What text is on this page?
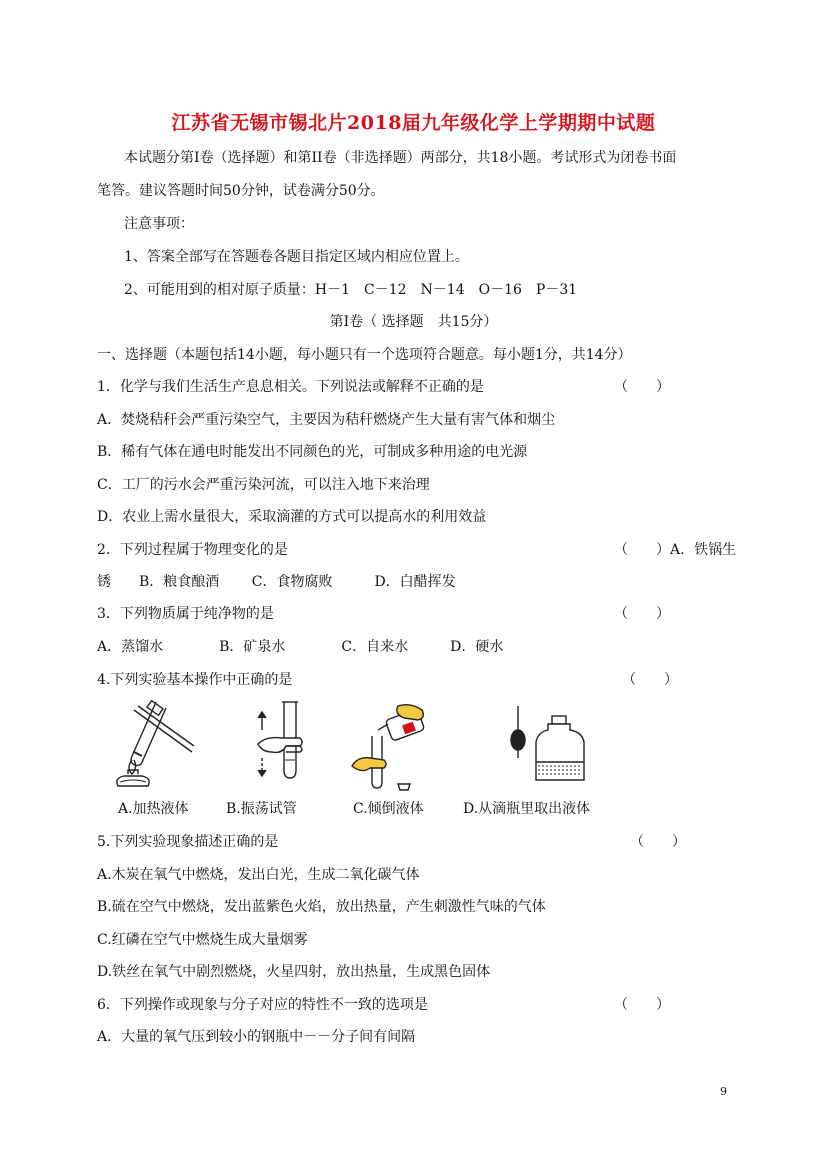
江苏省无锡市锡北片2018届九年级化学上学期期中试题
本试题分第Ⅰ卷（选择题）和第II卷（非选择题）两部分，共18小题。考试形式为闭卷书面
笔答。建议答题时间50分钟，试卷满分50分。
注意事项：
1、答案全部写在答题卷各题目指定区域内相应位置上。
2、可能用到的相对原子质量：H－1　C－12　N－14　O－16　P－31
第Ⅰ卷（ 选择题　共15分）
一、选择题（本题包括14小题，每小题只有一个选项符合题意。每小题1分，共14分）
1．化学与我们生活生产息息相关。下列说法或解释不正确的是	（　　）
A．焚烧秸秆会严重污染空气，主要因为秸秆燃烧产生大量有害气体和烟尘
B．稀有气体在通电时能发出不同颜色的光，可制成多种用途的电光源
C．工厂的污水会严重污染河流，可以注入地下来治理
D．农业上需水量很大，采取滴灌的方式可以提高水的利用效益
2．下列过程属于物理变化的是	（　　）A．铁锅生
锈　　B．粮食酿酒　　 C．食物腐败　　　D．白醋挥发
3．下列物质属于纯净物的是	（　　）
A．蒸馏水　　　　B．矿泉水　　　　C．自来水　　　D．硬水
4.下列实验基本操作中正确的是	（　　）
A.加热液体	B.振荡试管	C.倾倒液体	D.从滴瓶里取出液体
5.下列实验现象描述正确的是	（　　）
A.木炭在氧气中燃烧，发出白光，生成二氧化碳气体
B.硫在空气中燃烧，发出蓝紫色火焰，放出热量，产生刺激性气味的气体
C.红磷在空气中燃烧生成大量烟雾
D.铁丝在氧气中剧烈燃烧，火星四射，放出热量，生成黑色固体
6．下列操作或现象与分子对应的特性不一致的选项是	（　　）
A．大量的氧气压到较小的钢瓶中－－分子间有间隔
9
